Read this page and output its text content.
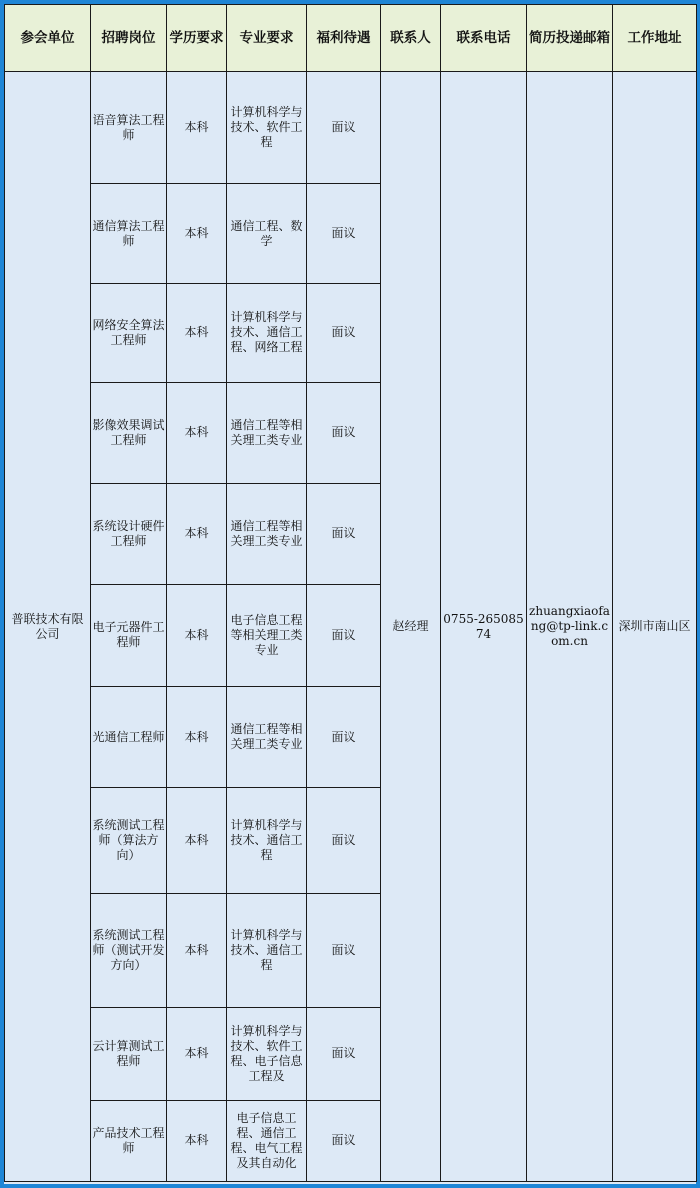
参会单位	招聘岗位	学历要求	专业要求	福利待遇	联系人	联系电话	简历投递邮箱	工作地址
普联技术有限公司	语音算法工程师	本科	计算机科学与技术、软件工程	面议	赵经理	0755-26508574	zhuangxiaofang@tp-link.com.cn	深圳市南山区
	通信算法工程师	本科	通信工程、数学	面议				
	网络安全算法工程师	本科	计算机科学与技术、通信工程、网络工程	面议				
	影像效果调试工程师	本科	通信工程等相关理工类专业	面议				
	系统设计硬件工程师	本科	通信工程等相关理工类专业	面议				
	电子元器件工程师	本科	电子信息工程等相关理工类专业	面议				
	光通信工程师	本科	通信工程等相关理工类专业	面议				
	系统测试工程师（算法方向）	本科	计算机科学与技术、通信工程	面议				
	系统测试工程师（测试开发方向）	本科	计算机科学与技术、通信工程	面议				
	云计算测试工程师	本科	计算机科学与技术、软件工程、电子信息工程及	面议				
	产品技术工程师	本科	电子信息工程、通信工程、电气工程及其自动化	面议				
